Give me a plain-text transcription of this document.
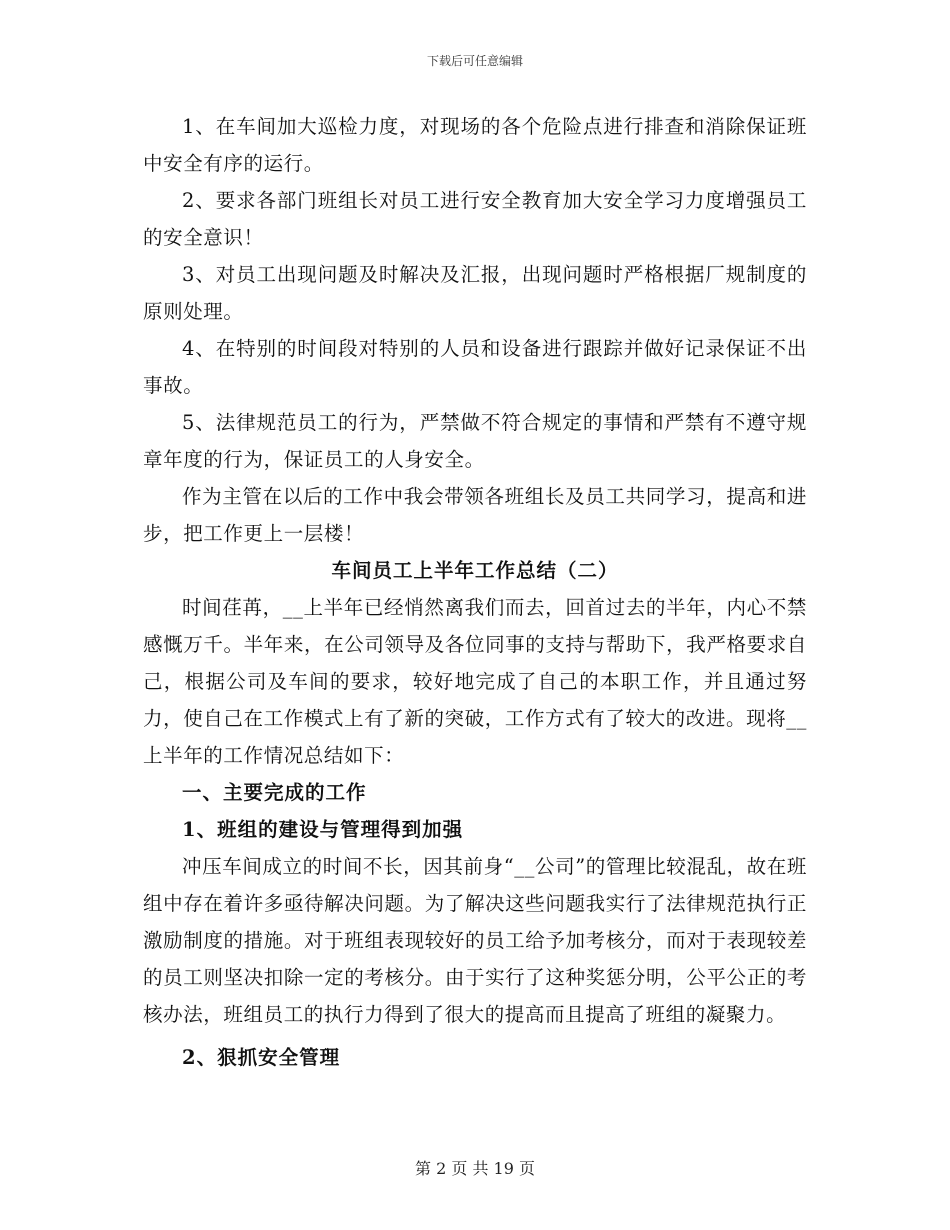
下载后可任意编辑

1、在车间加大巡检力度，对现场的各个危险点进行排查和消除保证班中安全有序的运行。

2、要求各部门班组长对员工进行安全教育加大安全学习力度增强员工的安全意识！

3、对员工出现问题及时解决及汇报，出现问题时严格根据厂规制度的原则处理。

4、在特别的时间段对特别的人员和设备进行跟踪并做好记录保证不出事故。

5、法律规范员工的行为，严禁做不符合规定的事情和严禁有不遵守规章年度的行为，保证员工的人身安全。

作为主管在以后的工作中我会带领各班组长及员工共同学习，提高和进步，把工作更上一层楼！

车间员工上半年工作总结（二）

时间荏苒，__上半年已经悄然离我们而去，回首过去的半年，内心不禁感慨万千。半年来，在公司领导及各位同事的支持与帮助下，我严格要求自己，根据公司及车间的要求，较好地完成了自己的本职工作，并且通过努力，使自己在工作模式上有了新的突破，工作方式有了较大的改进。现将__上半年的工作情况总结如下：

一、主要完成的工作

1、班组的建设与管理得到加强

冲压车间成立的时间不长，因其前身“__公司”的管理比较混乱，故在班组中存在着许多亟待解决问题。为了解决这些问题我实行了法律规范执行正激励制度的措施。对于班组表现较好的员工给予加考核分，而对于表现较差的员工则坚决扣除一定的考核分。由于实行了这种奖惩分明，公平公正的考核办法，班组员工的执行力得到了很大的提高而且提高了班组的凝聚力。

2、狠抓安全管理

第 2 页 共 19 页
